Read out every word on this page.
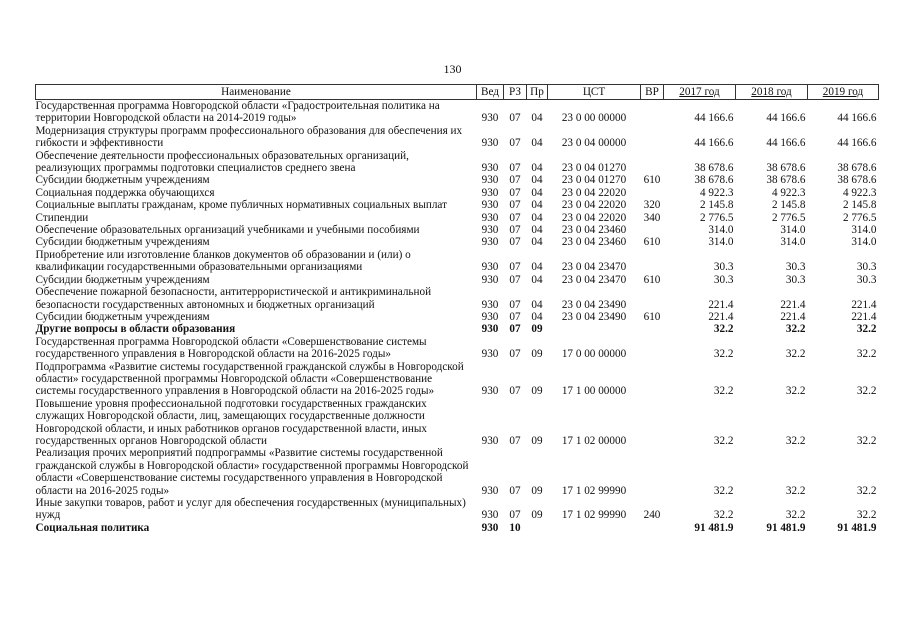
130
Наименование	Вед	РЗ	Пр	ЦСТ	ВР	2017 год	2018 год	2019 год
Государственная программа Новгородской области «Градостроительная политика на территории Новгородской области на 2014-2019 годы»	930	07	04	23 0 00 00000		44 166.6	44 166.6	44 166.6
Модернизация структуры программ профессионального образования для обеспечения их гибкости и эффективности	930	07	04	23 0 04 00000		44 166.6	44 166.6	44 166.6
Обеспечение деятельности профессиональных образовательных организаций, реализующих программы подготовки специалистов среднего звена	930	07	04	23 0 04 01270		38 678.6	38 678.6	38 678.6
Субсидии бюджетным учреждениям	930	07	04	23 0 04 01270	610	38 678.6	38 678.6	38 678.6
Социальная поддержка обучающихся	930	07	04	23 0 04 22020		4 922.3	4 922.3	4 922.3
Социальные выплаты гражданам, кроме публичных нормативных социальных выплат	930	07	04	23 0 04 22020	320	2 145.8	2 145.8	2 145.8
Стипендии	930	07	04	23 0 04 22020	340	2 776.5	2 776.5	2 776.5
Обеспечение образовательных организаций учебниками и учебными пособиями	930	07	04	23 0 04 23460		314.0	314.0	314.0
Субсидии бюджетным учреждениям	930	07	04	23 0 04 23460	610	314.0	314.0	314.0
Приобретение или изготовление бланков документов об образовании и (или) о квалификации государственными образовательными организациями	930	07	04	23 0 04 23470		30.3	30.3	30.3
Субсидии бюджетным учреждениям	930	07	04	23 0 04 23470	610	30.3	30.3	30.3
Обеспечение пожарной безопасности, антитеррористической и антикриминальной безопасности государственных автономных и бюджетных организаций	930	07	04	23 0 04 23490		221.4	221.4	221.4
Субсидии бюджетным учреждениям	930	07	04	23 0 04 23490	610	221.4	221.4	221.4
Другие вопросы в области образования	930	07	09			32.2	32.2	32.2
Государственная программа Новгородской области «Совершенствование системы государственного управления в Новгородской области на 2016-2025 годы»	930	07	09	17 0 00 00000		32.2	32.2	32.2
Подпрограмма «Развитие системы государственной гражданской службы в Новгородской области» государственной программы Новгородской области «Совершенствование системы государственного управления в Новгородской области на 2016-2025 годы»	930	07	09	17 1 00 00000		32.2	32.2	32.2
Повышение уровня профессиональной подготовки государственных гражданских служащих Новгородской области, лиц, замещающих государственные должности Новгородской области, и иных работников органов государственной власти, иных государственных органов Новгородской области	930	07	09	17 1 02 00000		32.2	32.2	32.2
Реализация прочих мероприятий подпрограммы «Развитие системы государственной гражданской службы в Новгородской области» государственной программы Новгородской области «Совершенствование системы государственного управления в Новгородской области на 2016-2025 годы»	930	07	09	17 1 02 99990		32.2	32.2	32.2
Иные закупки товаров, работ и услуг для обеспечения государственных (муниципальных) нужд	930	07	09	17 1 02 99990	240	32.2	32.2	32.2
Социальная политика	930	10				91 481.9	91 481.9	91 481.9
